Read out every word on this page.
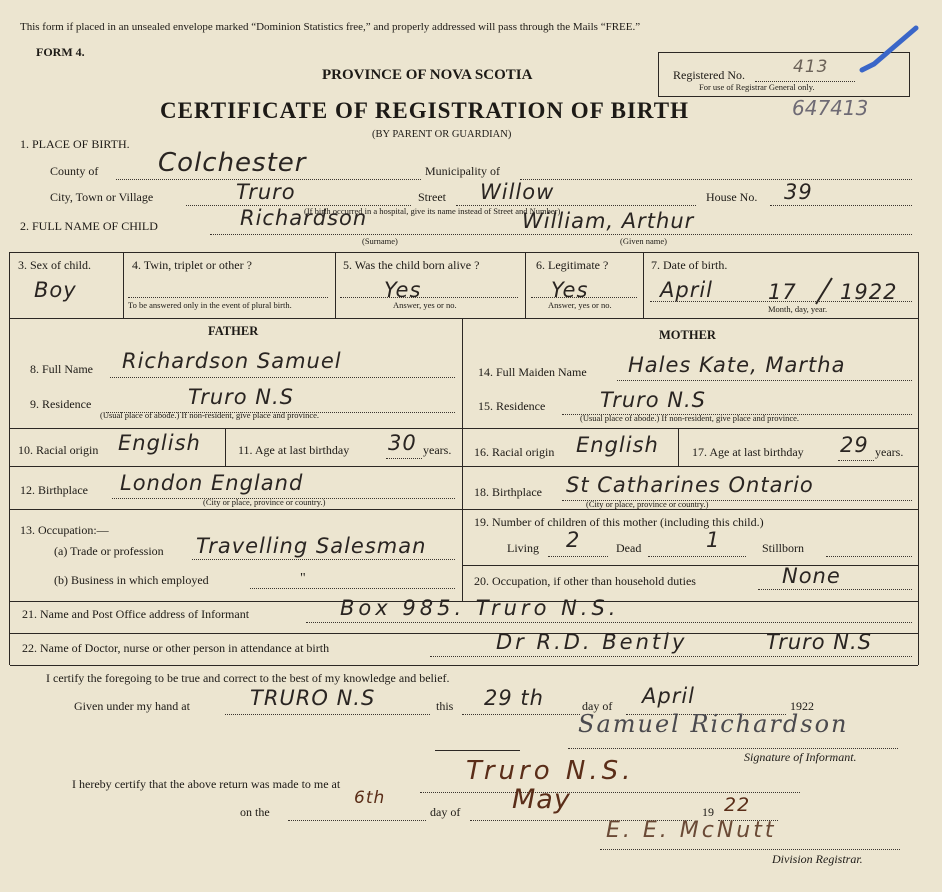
This form if placed in an unsealed envelope marked “Dominion Statistics free,” and properly addressed will pass through the Mails “FREE.”
FORM 4.
PROVINCE OF NOVA SCOTIA
CERTIFICATE OF REGISTRATION OF BIRTH
(BY PARENT OR GUARDIAN)
Registered No.	413
For use of Registrar General only.
647413
1. PLACE OF BIRTH.
County of Colchester	Municipality of
City, Town or Village	Truro	Street Willow	House No. 39
(If birth occurred in a hospital, give its name instead of Street and Number)
2. FULL NAME OF CHILD	Richardson	William, Arthur
(Surname)	(Given name)
3. Sex of child.
Boy
4. Twin, triplet or other ?
To be answered only in the event of plural birth.
5. Was the child born alive ?
Yes
Answer, yes or no.
6. Legitimate ?
Yes
Answer, yes or no.
7. Date of birth.
April	17 1922
Month, day, year.
FATHER	MOTHER
8. Full Name Richardson Samuel	14. Full Maiden Name Hales Kate, Martha
9. Residence	Truro N.S
(Usual place of abode.) If non-resident, give place and province.
15. Residence	Truro N.S
(Usual place of abode.) If non-resident, give place and province.
10. Racial origin English	11. Age at last birthday 30 years. 16. Racial origin English	17. Age at last birthday 29 years.
12. Birthplace London England
(City or place, province or country.)
18. Birthplace St Catharines Ontario
(City or place, province or country.)
13. Occupation:—
(a) Trade or profession Travelling Salesman
(b) Business in which employed	"
19. Number of children of this mother (including this child.)
Living 2	Dead	1	Stillborn
20. Occupation, if other than household duties	None
21. Name and Post Office address of Informant	Box 985. Truro N.S.
22. Name of Doctor, nurse or other person in attendance at birth	Dr R.D. Bently	Truro N.S
I certify the foregoing to be true and correct to the best of my knowledge and belief.
Given under my hand at	TRURO N.S	this 29 th	day of April	1922
Samuel Richardson
Signature of Informant.
I hereby certify that the above return was made to me at	Truro N.S.
on the
6th
day of May	19 22
E. E. McNutt
Division Registrar.
